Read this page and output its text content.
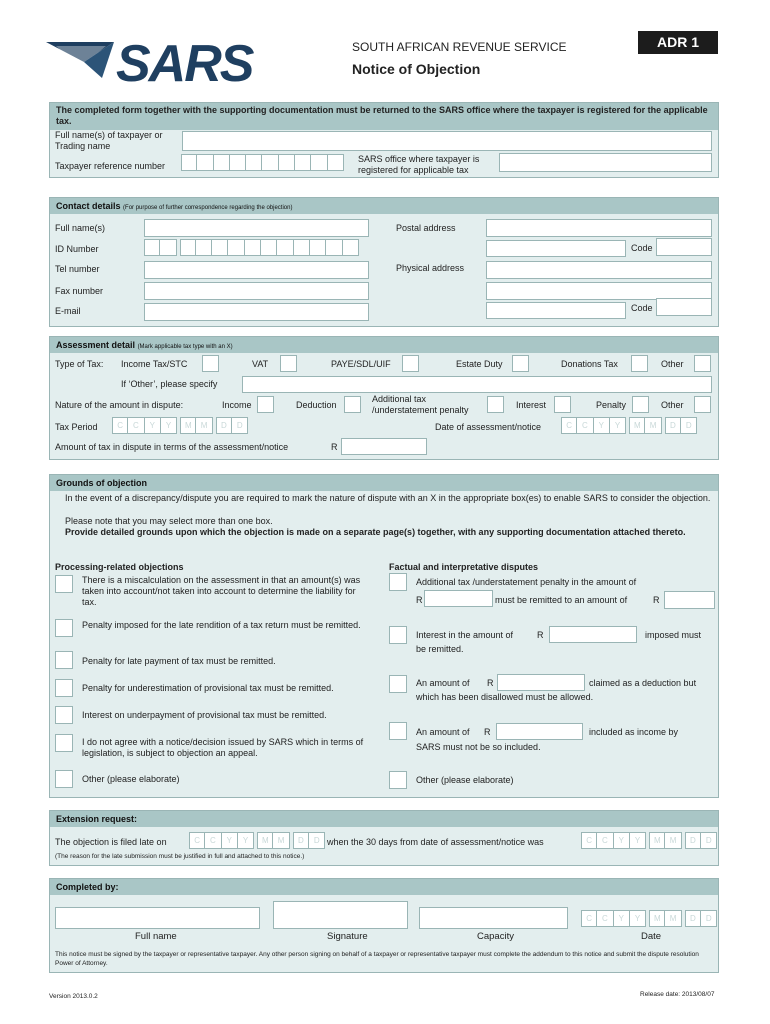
SARS	SOUTH AFRICAN REVENUE SERVICE	ADR 1
Notice of Objection
The completed form together with the supporting documentation must be returned to the SARS office where the taxpayer is registered for the applicable tax.
Full name(s) of taxpayer or Trading name
Taxpayer reference number
SARS office where taxpayer is registered for applicable tax
Contact details (For purpose of further correspondence regarding the objection)
Full name(s)
ID Number
Tel number
Fax number
E-mail
Postal address
Code
Physical address
Code
Assessment detail (Mark applicable tax type with an X)
Type of Tax: Income Tax/STC	VAT	PAYE/SDL/UIF	Estate Duty	Donations Tax	Other
If ‘Other’, please specify
Nature of the amount in dispute:	Income	Deduction
Additional tax /understatement penalty	Interest	Penalty	Other
Tax Period	C	C	Y	Y	M	M	D	D	Date of assessment/notice	C	C	Y	Y	M	M	D	D
Amount of tax in dispute in terms of the assessment/notice	R
Grounds of objection
In the event of a discrepancy/dispute you are required to mark the nature of dispute with an X in the appropriate box(es) to enable SARS to consider the objection.
Please note that you may select more than one box.
Provide detailed grounds upon which the objection is made on a separate page(s) together, with any supporting documentation attached thereto.
Processing-related objections	Factual and interpretative disputes
There is a miscalculation on the assessment in that an amount(s) was taken into account/not taken into account to determine the liability for tax.
Penalty imposed for the late rendition of a tax return must be remitted.
Penalty for late payment of tax must be remitted.
Penalty for underestimation of provisional tax must be remitted.
Interest on underpayment of provisional tax must be remitted.
I do not agree with a notice/decision issued by SARS which in terms of legislation, is subject to objection an appeal.
Other (please elaborate)
Additional tax /understatement penalty in the amount of
R	must be remitted to an amount of	R
Interest in the amount of	R	imposed must
be remitted.
An amount of R	claimed as a deduction but
which has been disallowed must be allowed.
An amount of R	included as income by
SARS must not be so included.
Other (please elaborate)
Extension request:
The objection is filed late on	C	C	Y	Y	M	M	D	D when the 30 days from date of assessment/notice was	C	C	Y	Y	M	M	D	D
(The reason for the late submission must be justified in full and attached to this notice.)
Completed by:
C	C	Y	Y	M	M	D	D
Full name	Signature	Capacity	Date
This notice must be signed by the taxpayer or representative taxpayer. Any other person signing on behalf of a taxpayer or representative taxpayer must complete the addendum to this notice and submit the dispute resolution Power of Attorney.
Version 2013.0.2	Release date: 2013/08/07
